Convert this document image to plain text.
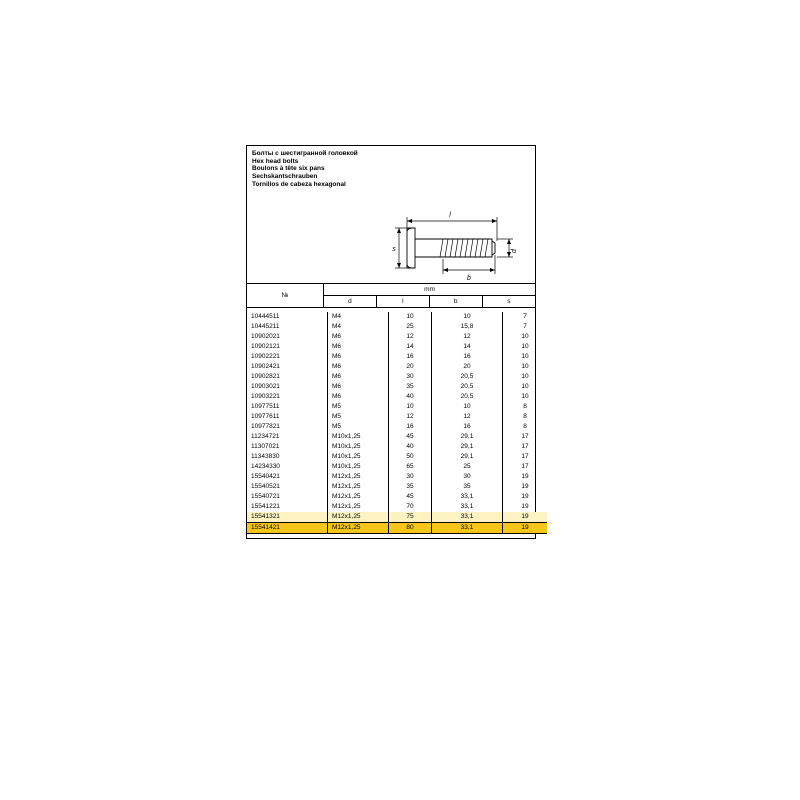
Болты с шестигранной головкой
Hex head bolts
Boulons à tête six pans
Sechskantschrauben
Tornillos de cabeza hexagonal
l
s
b
d
№	mm			
	d	l	b	s
10444511	M4	10	10	7
10445211	M4	25	15,8	7
10902021	M6	12	12	10
10902121	M6	14	14	10
10902221	M6	16	16	10
10902421	M6	20	20	10
10902821	M6	30	20,5	10
10903021	M6	35	20,5	10
10903221	M6	40	20,5	10
10977511	M5	10	10	8
10977611	M5	12	12	8
10977821	M5	16	16	8
11234721	M10x1,25	45	29,1	17
11307021	M10x1,25	40	29,1	17
11343830	M10x1,25	50	29,1	17
14234330	M10x1,25	65	25	17
15540421	M12x1,25	30	30	19
15540521	M12x1,25	35	35	19
15540721	M12x1,25	45	33,1	19
15541221	M12x1,25	70	33,1	19
15541321	M12x1,25	75	33,1	19
15541421	M12x1,25	80	33,1	19
